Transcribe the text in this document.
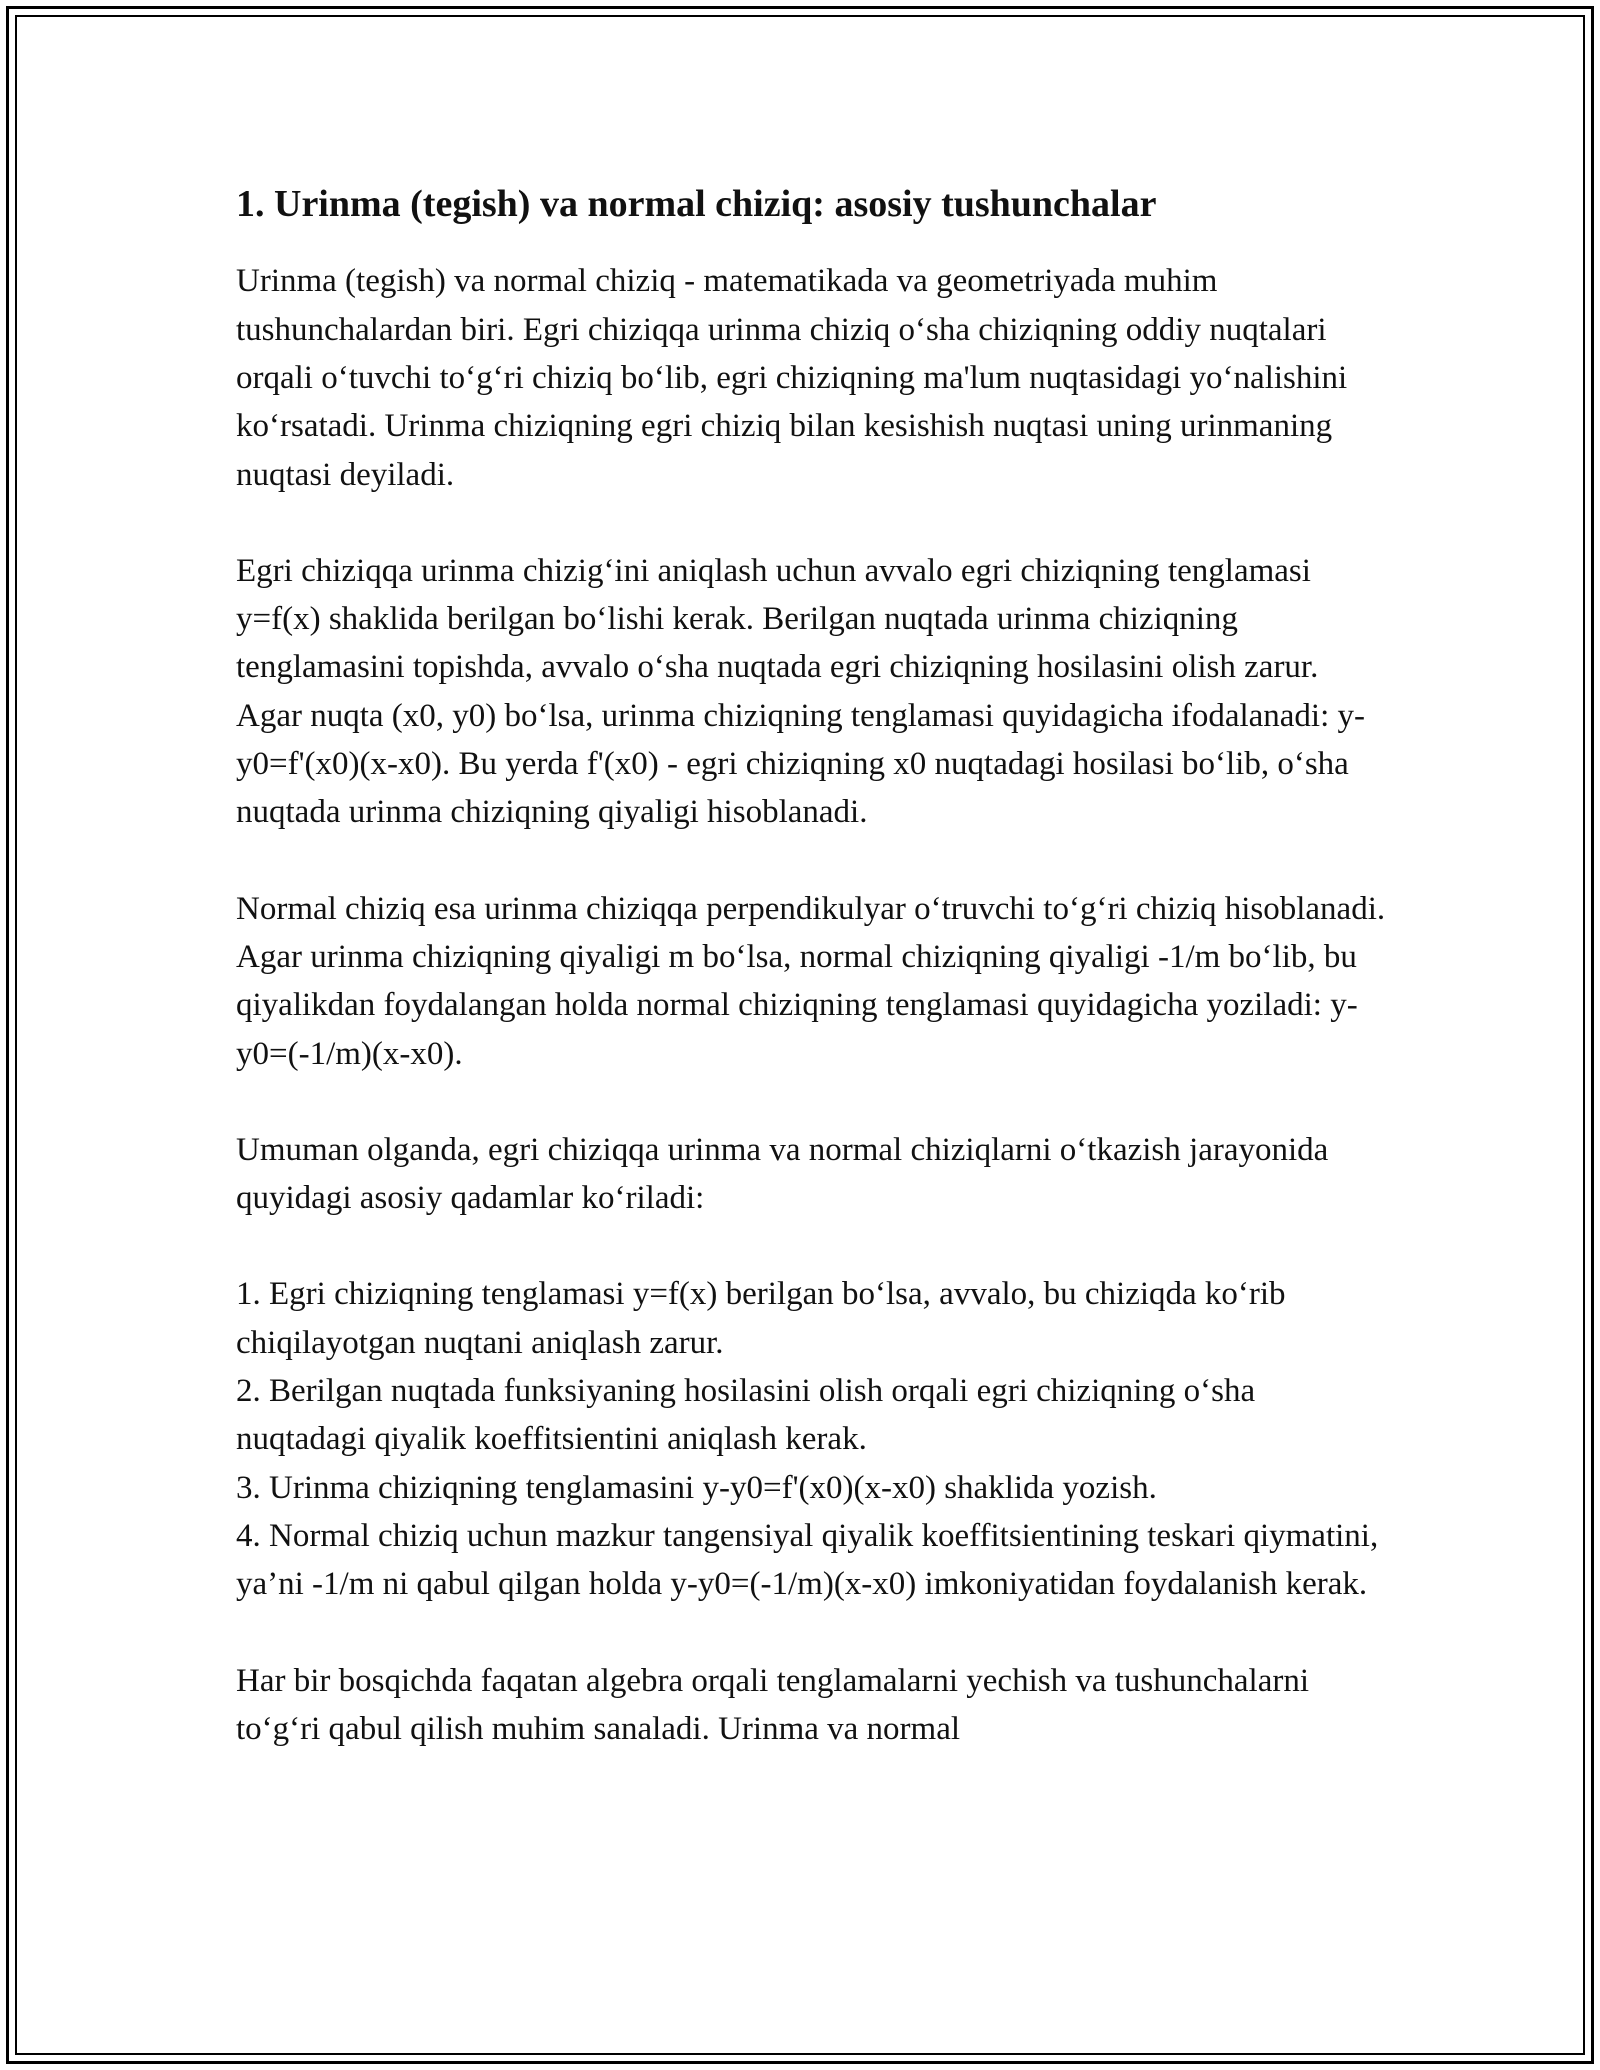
1. Urinma (tegish) va normal chiziq: asosiy tushunchalar

Urinma (tegish) va normal chiziq - matematikada va geometriyada muhim tushunchalardan biri. Egri chiziqqa urinma chiziq o‘sha chiziqning oddiy nuqtalari orqali o‘tuvchi to‘g‘ri chiziq bo‘lib, egri chiziqning ma'lum nuqtasidagi yo‘nalishini ko‘rsatadi. Urinma chiziqning egri chiziq bilan kesishish nuqtasi uning urinmaning nuqtasi deyiladi.

Egri chiziqqa urinma chizig‘ini aniqlash uchun avvalo egri chiziqning tenglamasi y=f(x) shaklida berilgan bo‘lishi kerak. Berilgan nuqtada urinma chiziqning tenglamasini topishda, avvalo o‘sha nuqtada egri chiziqning hosilasini olish zarur. Agar nuqta (x0, y0) bo‘lsa, urinma chiziqning tenglamasi quyidagicha ifodalanadi: y-y0=f'(x0)(x-x0). Bu yerda f'(x0) - egri chiziqning x0 nuqtadagi hosilasi bo‘lib, o‘sha nuqtada urinma chiziqning qiyaligi hisoblanadi.

Normal chiziq esa urinma chiziqqa perpendikulyar o‘truvchi to‘g‘ri chiziq hisoblanadi. Agar urinma chiziqning qiyaligi m bo‘lsa, normal chiziqning qiyaligi -1/m bo‘lib, bu qiyalikdan foydalangan holda normal chiziqning tenglamasi quyidagicha yoziladi: y-y0=(-1/m)(x-x0).

Umuman olganda, egri chiziqqa urinma va normal chiziqlarni o‘tkazish jarayonida quyidagi asosiy qadamlar ko‘riladi:

1. Egri chiziqning tenglamasi y=f(x) berilgan bo‘lsa, avvalo, bu chiziqda ko‘rib chiqilayotgan nuqtani aniqlash zarur.
2. Berilgan nuqtada funksiyaning hosilasini olish orqali egri chiziqning o‘sha nuqtadagi qiyalik koeffitsientini aniqlash kerak.
3. Urinma chiziqning tenglamasini y-y0=f'(x0)(x-x0) shaklida yozish.
4. Normal chiziq uchun mazkur tangensiyal qiyalik koeffitsientining teskari qiymatini, ya’ni -1/m ni qabul qilgan holda y-y0=(-1/m)(x-x0) imkoniyatidan foydalanish kerak.

Har bir bosqichda faqatan algebra orqali tenglamalarni yechish va tushunchalarni to‘g‘ri qabul qilish muhim sanaladi. Urinma va normal
